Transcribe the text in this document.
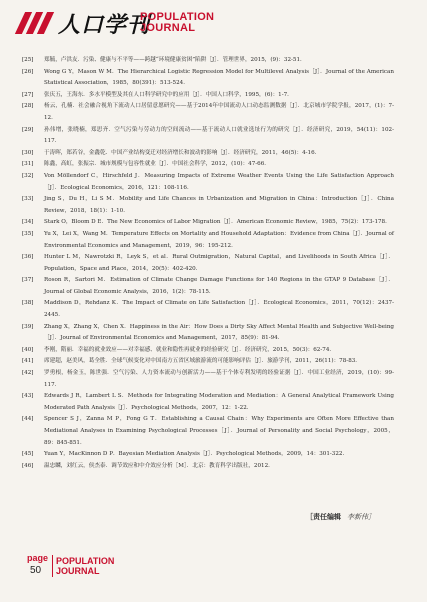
人口学刊
POPULATION
JOURNAL
[25] 郑毓，卢洪友．污染、健康与不平等——跨越“环境健康贫困”陷阱［J］．管理世界，2015，(9)：32-51．
[26] Wong G Y，Mason W M．The Hierarchical Logistic Regression Model for Multilevel Analysis［J］．Journal of the American Statistical Association，1985，80(391)：513-524．
[27] 张庆五，王海东．多水平模型及其在人口科学研究中的应用［J］．中国人口科学，1995，(6)：1-7．
[28] 杨云，孔楠．社会融合视角下流动人口居留意愿研究——基于2014年中国流动人口动态监测数据［J］．北京城市学院学报，2017，(1)：7-12．
[29] 孙伟增，张晓楠，郑思齐．空气污染与劳动力的空间流动——基于流动人口就业选址行为的研究［J］．经济研究，2019，54(11)：102-117．
[30] 于涛晖，郑若谷，金鑫乾．中国产业结构变迁对经济增长和波动的影响［J］．经济研究，2011，46(5)：4-16．
[31] 陈鑫，高虹，张振宗．城市规模与包容性就业［J］．中国社会科学，2012，(10)：47-66．
[32] Von Möllendorf C，Hirschfeld J．Measuring Impacts of Extreme Weather Events Using the Life Satisfaction Approach［J］．Ecological Economics，2016，121：108-116．
[33] Jing S，Du H，Li S M．Mobility and Life Chances in Urbanization and Migration in China：Introduction［J］．China Review，2018，18(1)：1-10．
[34] Stark O，Bloom D E．The New Economics of Labor Migration［J］．American Economic Review，1985，75(2)：173-178．
[35] Yu X，Lei X，Wang M．Temperature Effects on Mortality and Household Adaptation：Evidence from China［J］．Journal of Environmental Economics and Management，2019，96：195-212．
[36] Hunter L M，Nawrotzki R，Leyk S，et al．Rural Outmigration，Natural Capital，and Livelihoods in South Africa［J］．Population，Space and Place，2014，20(5)：402-420．
[37] Roson R，Sartori M．Estimation of Climate Change Damage Functions for 140 Regions in the GTAP 9 Database［J］．Journal of Global Economic Analysis，2016，1(2)：78-115．
[38] Maddison D，Rehdanz K．The Impact of Climate on Life Satisfaction［J］．Ecological Economics，2011，70(12)：2437-2445．
[39] Zhang X，Zhang X，Chen X．Happiness in the Air：How Does a Dirty Sky Affect Mental Health and Subjective Well-being［J］．Journal of Environmental Economics and Management，2017，85(9)：81-94．
[40] 李刚，隋丽．幸福的就业效应——对幸福感、就业和隐性再就业的经验研究［J］．经济研究，2015，50(3)：62-74．
[41] 席建超，赵美风，葛全胜．全球气候变化对中国南方五省区域旅游流的可能影响评估［J］．旅游学刊，2011，26(11)：78-83．
[42] 罗勇根，杨金玉，陈世强．空气污染、人力资本流动与创新活力——基于个体专利发明的经验证据［J］．中国工业经济，2019，(10)：99-117．
[43] Edwards J R，Lambert L S．Methods for Integrating Moderation and Mediation：A General Analytical Framework Using Moderated Path Analysis［J］．Psychological Methods，2007，12：1-22．
[44] Spencer S J，Zanna M P，Fong G T．Establishing a Causal Chain：Why Experiments are Often More Effective than Mediational Analyses in Examining Psychological Processes［J］．Journal of Personality and Social Psychology，2005，89：845-851．
[45] Yuan Y，MacKinnon D P．Bayesian Mediation Analysis［J］．Psychological Methods，2009，14：301-322．
[46] 温忠麟，刘红云，侯杰泰．调节效应和中介效应分析［M］．北京：教育科学出版社，2012．
［责任编辑 李新伟］
page
50
POPULATION
JOURNAL
